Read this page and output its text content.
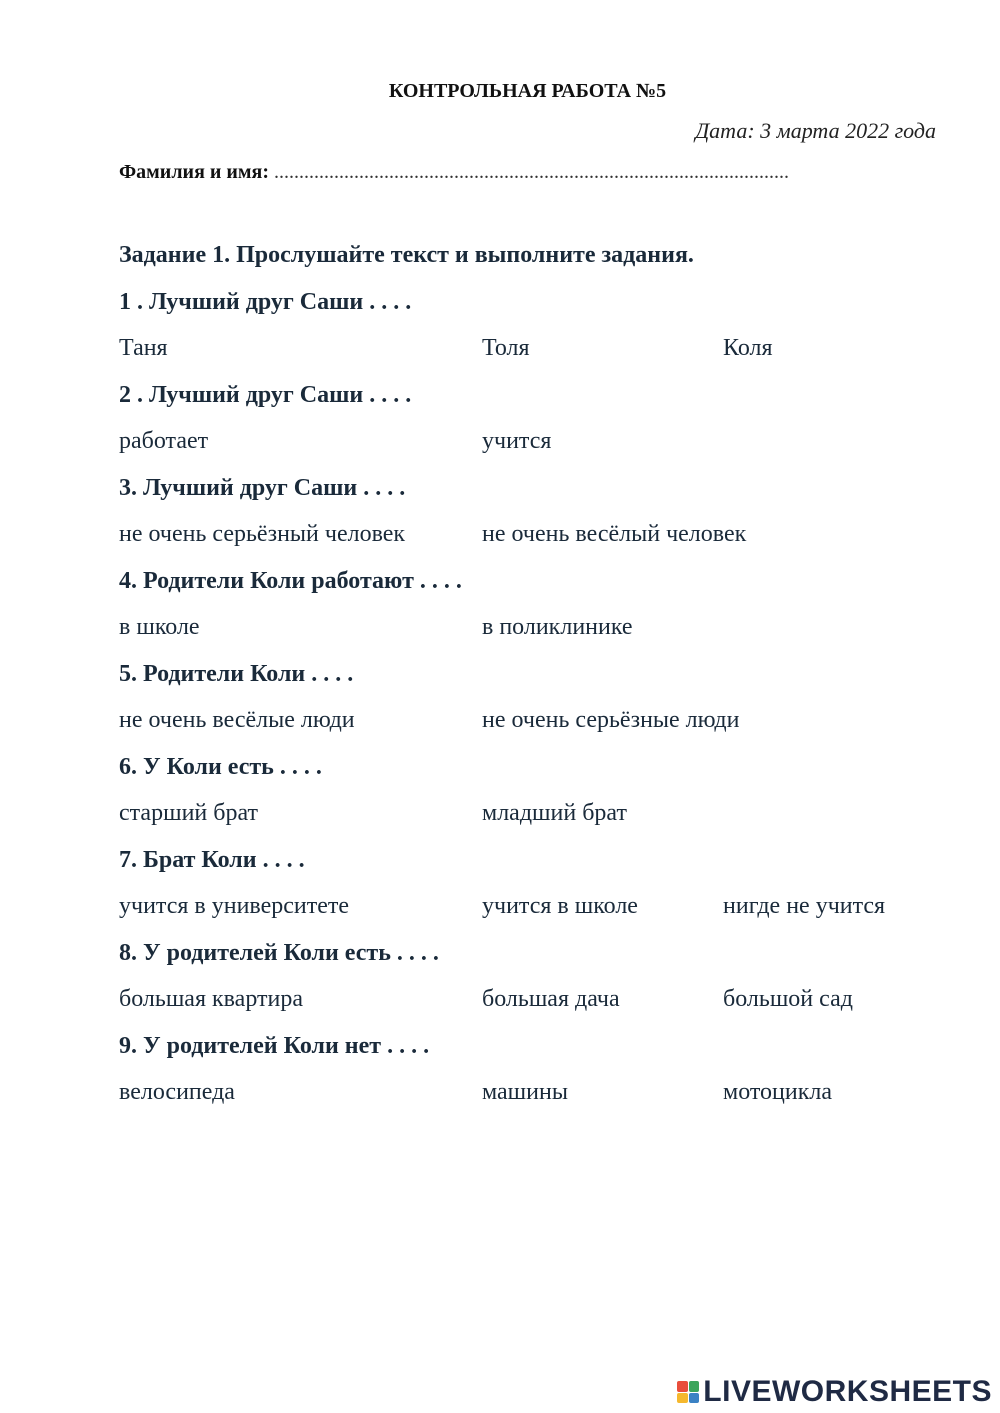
КОНТРОЛЬНАЯ РАБОТА №5
Дата: 3 марта 2022 года
Фамилия и имя: .......................................................................................................
Задание 1. Прослушайте текст и выполните задания.
1 . Лучший друг Саши . . . .
Таня	Толя	Коля
2 . Лучший друг Саши . . . .
работает	учится
3. Лучший друг Саши . . . .
не очень серьёзный человек	не очень весёлый человек
4. Родители Коли работают . . . .
в школе	в поликлинике
5. Родители Коли . . . .
не очень весёлые люди	не очень серьёзные люди
6. У Коли есть . . . .
старший брат	младший брат
7. Брат Коли . . . .
учится в университете	учится в школе	нигде не учится
8. У родителей Коли есть . . . .
большая квартира	большая дача	большой сад
9. У родителей Коли нет . . . .
велосипеда	машины	мотоцикла
LIVEWORKSHEETS
